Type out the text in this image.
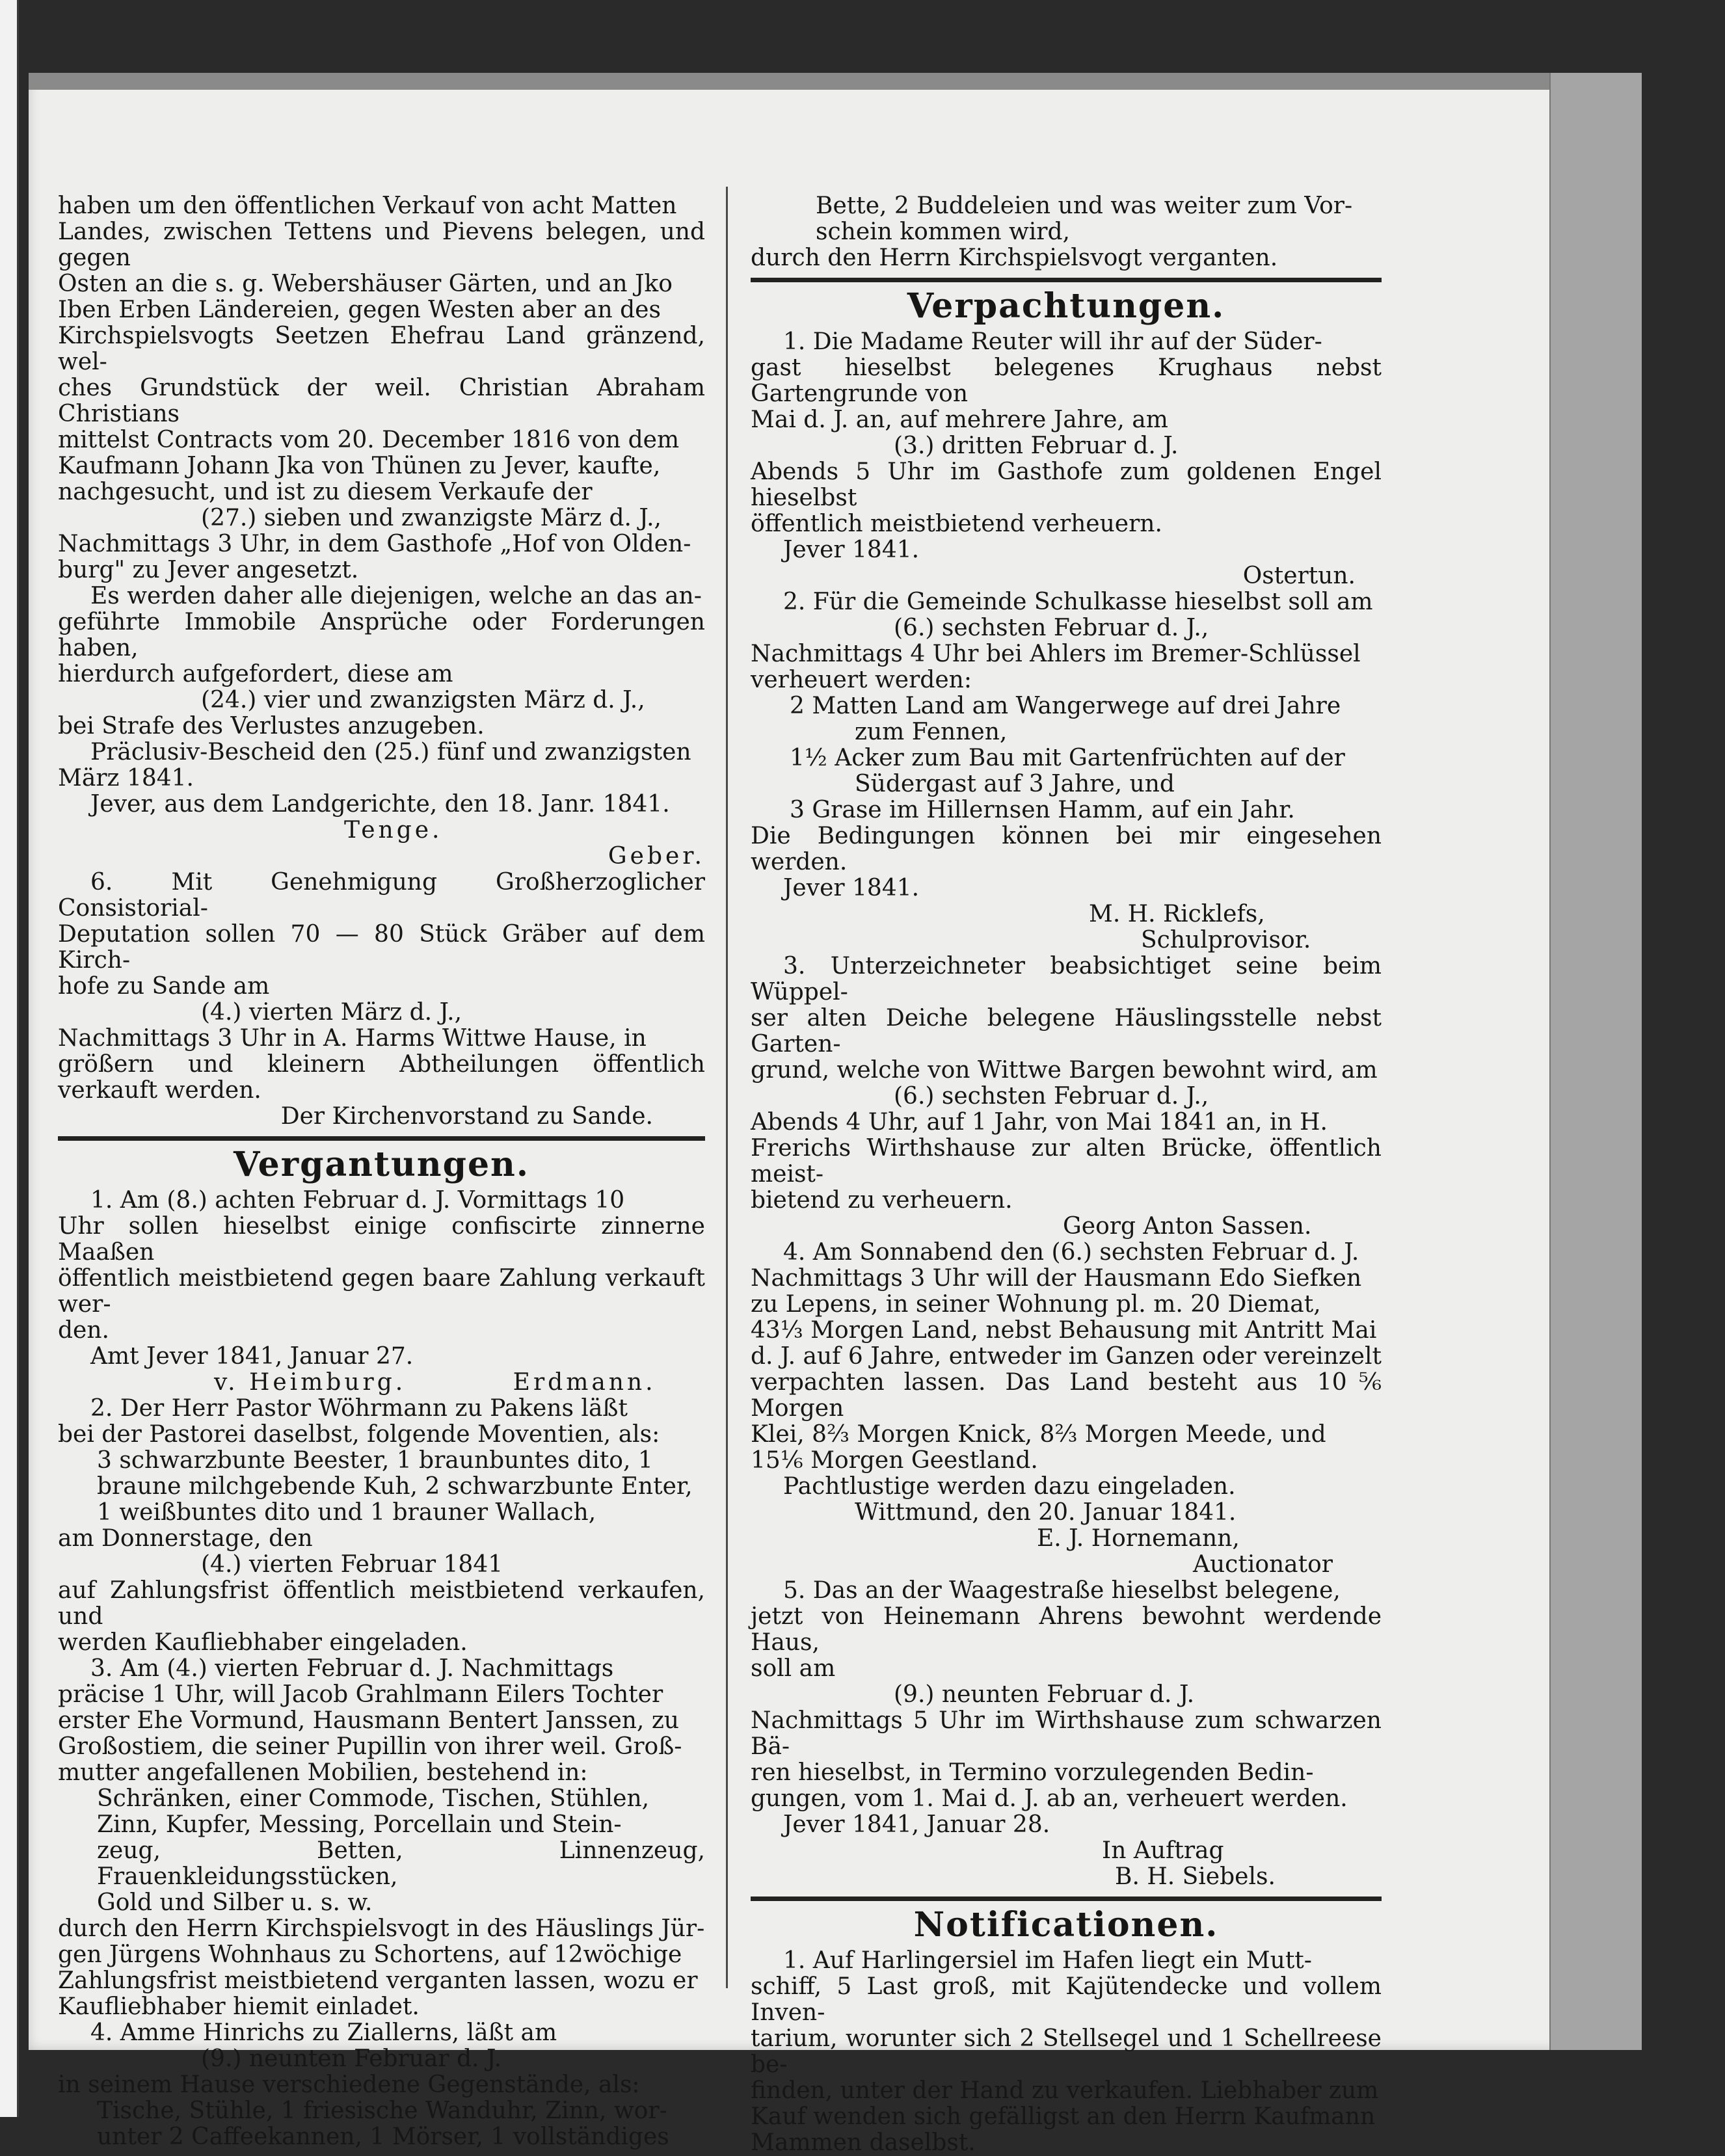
haben um den öffentlichen Verkauf von acht Matten

Landes, zwischen Tettens und Pievens belegen, und gegen

Osten an die s. g. Webershäuser Gärten, und an Jko

Iben Erben Ländereien, gegen Westen aber an des

Kirchspielsvogts Seetzen Ehefrau Land gränzend, wel-

ches Grundstück der weil. Christian Abraham Christians

mittelst Contracts vom 20. December 1816 von dem

Kaufmann Johann Jka von Thünen zu Jever, kaufte,

nachgesucht, und ist zu diesem Verkaufe der

(27.) sieben und zwanzigste März d. J.,

Nachmittags 3 Uhr, in dem Gasthofe „Hof von Olden-

burg" zu Jever angesetzt.

Es werden daher alle diejenigen, welche an das an-

geführte Immobile Ansprüche oder Forderungen haben,

hierdurch aufgefordert, diese am

(24.) vier und zwanzigsten März d. J.,

bei Strafe des Verlustes anzugeben.

Präclusiv-Bescheid den (25.) fünf und zwanzigsten

März 1841.

Jever, aus dem Landgerichte, den 18. Janr. 1841.

Tenge.

Geber.

6. Mit Genehmigung Großherzoglicher Consistorial-

Deputation sollen 70 — 80 Stück Gräber auf dem Kirch-

hofe zu Sande am

(4.) vierten März d. J.,

Nachmittags 3 Uhr in A. Harms Wittwe Hause, in

größern und kleinern Abtheilungen öffentlich verkauft werden.

Der Kirchenvorstand zu Sande.

Vergantungen.

1. Am (8.) achten Februar d. J. Vormittags 10

Uhr sollen hieselbst einige confiscirte zinnerne Maaßen

öffentlich meistbietend gegen baare Zahlung verkauft wer-

den.

Amt Jever 1841, Januar 27.

v. Heimburg.          Erdmann.

2. Der Herr Pastor Wöhrmann zu Pakens läßt

bei der Pastorei daselbst, folgende Moventien, als:

3 schwarzbunte Beester, 1 braunbuntes dito, 1

braune milchgebende Kuh, 2 schwarzbunte Enter,

1 weißbuntes dito und 1 brauner Wallach,

am Donnerstage, den

(4.) vierten Februar 1841

auf Zahlungsfrist öffentlich meistbietend verkaufen, und

werden Kaufliebhaber eingeladen.

3. Am (4.) vierten Februar d. J. Nachmittags

präcise 1 Uhr, will Jacob Grahlmann Eilers Tochter

erster Ehe Vormund, Hausmann Bentert Janssen, zu

Großostiem, die seiner Pupillin von ihrer weil. Groß-

mutter angefallenen Mobilien, bestehend in:

Schränken, einer Commode, Tischen, Stühlen,

Zinn, Kupfer, Messing, Porcellain und Stein-

zeug, Betten, Linnenzeug, Frauenkleidungsstücken,

Gold und Silber u. s. w.

durch den Herrn Kirchspielsvogt in des Häuslings Jür-

gen Jürgens Wohnhaus zu Schortens, auf 12wöchige

Zahlungsfrist meistbietend verganten lassen, wozu er

Kaufliebhaber hiemit einladet.

4. Amme Hinrichs zu Ziallerns, läßt am

(9.) neunten Februar d. J.

in seinem Hause verschiedene Gegenstände, als:

Tische, Stühle, 1 friesische Wanduhr, Zinn, wor-

unter 2 Caffeekannen, 1 Mörser, 1 vollständiges

Bette, 2 Buddeleien und was weiter zum Vor-

schein kommen wird,

durch den Herrn Kirchspielsvogt verganten.

Verpachtungen.

1. Die Madame Reuter will ihr auf der Süder-

gast hieselbst belegenes Krughaus nebst Gartengrunde von

Mai d. J. an, auf mehrere Jahre, am

(3.) dritten Februar d. J.

Abends 5 Uhr im Gasthofe zum goldenen Engel hieselbst

öffentlich meistbietend verheuern.

Jever 1841.

Ostertun.

2. Für die Gemeinde Schulkasse hieselbst soll am

(6.) sechsten Februar d. J.,

Nachmittags 4 Uhr bei Ahlers im Bremer-Schlüssel

verheuert werden:

2 Matten Land am Wangerwege auf drei Jahre

zum Fennen,

1½ Acker zum Bau mit Gartenfrüchten auf der

Südergast auf 3 Jahre, und

3 Grase im Hillernsen Hamm, auf ein Jahr.

Die Bedingungen können bei mir eingesehen werden.

Jever 1841.

M. H. Ricklefs,

Schulprovisor.

3. Unterzeichneter beabsichtiget seine beim Wüppel-

ser alten Deiche belegene Häuslingsstelle nebst Garten-

grund, welche von Wittwe Bargen bewohnt wird, am

(6.) sechsten Februar d. J.,

Abends 4 Uhr, auf 1 Jahr, von Mai 1841 an, in H.

Frerichs Wirthshause zur alten Brücke, öffentlich meist-

bietend zu verheuern.

Georg Anton Sassen.

4. Am Sonnabend den (6.) sechsten Februar d. J.

Nachmittags 3 Uhr will der Hausmann Edo Siefken

zu Lepens, in seiner Wohnung pl. m. 20 Diemat,

43⅓ Morgen Land, nebst Behausung mit Antritt Mai

d. J. auf 6 Jahre, entweder im Ganzen oder vereinzelt

verpachten lassen. Das Land besteht aus 10⅚ Morgen

Klei, 8⅔ Morgen Knick, 8⅔ Morgen Meede, und

15⅙ Morgen Geestland.

Pachtlustige werden dazu eingeladen.

Wittmund, den 20. Januar 1841.

E. J. Hornemann,

Auctionator

5. Das an der Waagestraße hieselbst belegene,

jetzt von Heinemann Ahrens bewohnt werdende Haus,

soll am

(9.) neunten Februar d. J.

Nachmittags 5 Uhr im Wirthshause zum schwarzen Bä-

ren hieselbst, in Termino vorzulegenden Bedin-

gungen, vom 1. Mai d. J. ab an, verheuert werden.

Jever 1841, Januar 28.

In Auftrag

B. H. Siebels.

Notificationen.

1. Auf Harlingersiel im Hafen liegt ein Mutt-

schiff, 5 Last groß, mit Kajütendecke und vollem Inven-

tarium, worunter sich 2 Stellsegel und 1 Schellreese be-

finden, unter der Hand zu verkaufen. Liebhaber zum

Kauf wenden sich gefälligst an den Herrn Kaufmann

Mammen daselbst.
